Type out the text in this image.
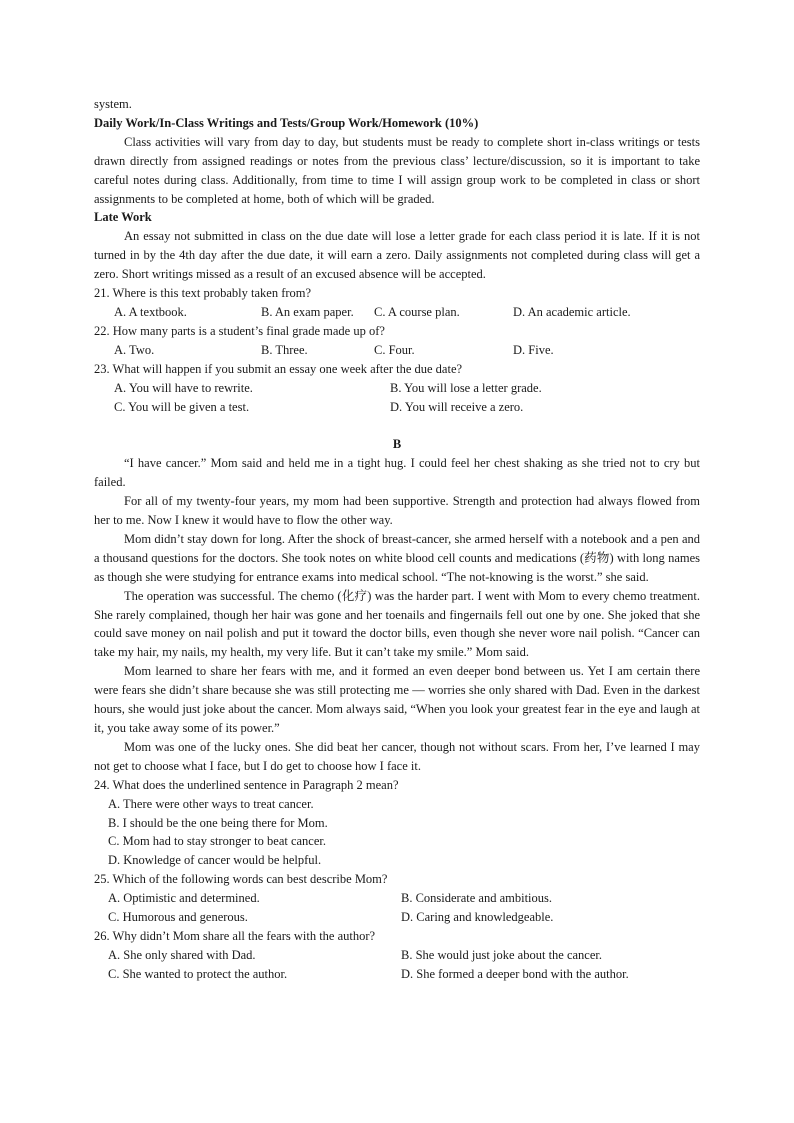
system.

Daily Work/In-Class Writings and Tests/Group Work/Homework (10%)

Class activities will vary from day to day, but students must be ready to complete short in-class writings or tests drawn directly from assigned readings or notes from the previous class’ lecture/discussion, so it is important to take careful notes during class. Additionally, from time to time I will assign group work to be completed in class or short assignments to be completed at home, both of which will be graded.

Late Work

An essay not submitted in class on the due date will lose a letter grade for each class period it is late. If it is not turned in by the 4th day after the due date, it will earn a zero. Daily assignments not completed during class will get a zero. Short writings missed as a result of an excused absence will be accepted.

21. Where is this text probably taken from?

A. A textbook.	B. An exam paper.	C. A course plan.	D. An academic article.

22. How many parts is a student’s final grade made up of?

A. Two.	B. Three.	C. Four.	D. Five.

23. What will happen if you submit an essay one week after the due date?

A. You will have to rewrite.	B. You will lose a letter grade.
C. You will be given a test.	D. You will receive a zero.

B

“I have cancer.” Mom said and held me in a tight hug. I could feel her chest shaking as she tried not to cry but failed.

For all of my twenty-four years, my mom had been supportive. Strength and protection had always flowed from her to me. Now I knew it would have to flow the other way.

Mom didn’t stay down for long. After the shock of breast-cancer, she armed herself with a notebook and a pen and a thousand questions for the doctors. She took notes on white blood cell counts and medications (药物) with long names as though she were studying for entrance exams into medical school. “The not-knowing is the worst.” she said.

The operation was successful. The chemo (化疗) was the harder part. I went with Mom to every chemo treatment. She rarely complained, though her hair was gone and her toenails and fingernails fell out one by one. She joked that she could save money on nail polish and put it toward the doctor bills, even though she never wore nail polish. “Cancer can take my hair, my nails, my health, my very life. But it can’t take my smile.” Mom said.

Mom learned to share her fears with me, and it formed an even deeper bond between us. Yet I am certain there were fears she didn’t share because she was still protecting me — worries she only shared with Dad. Even in the darkest hours, she would just joke about the cancer. Mom always said, “When you look your greatest fear in the eye and laugh at it, you take away some of its power.”

Mom was one of the lucky ones. She did beat her cancer, though not without scars. From her, I’ve learned I may not get to choose what I face, but I do get to choose how I face it.

24. What does the underlined sentence in Paragraph 2 mean?

A. There were other ways to treat cancer.

B. I should be the one being there for Mom.

C. Mom had to stay stronger to beat cancer.

D. Knowledge of cancer would be helpful.

25. Which of the following words can best describe Mom?

A. Optimistic and determined.	B. Considerate and ambitious.
C. Humorous and generous.	D. Caring and knowledgeable.

26. Why didn’t Mom share all the fears with the author?

A. She only shared with Dad.	B. She would just joke about the cancer.
C. She wanted to protect the author.	D. She formed a deeper bond with the author.
